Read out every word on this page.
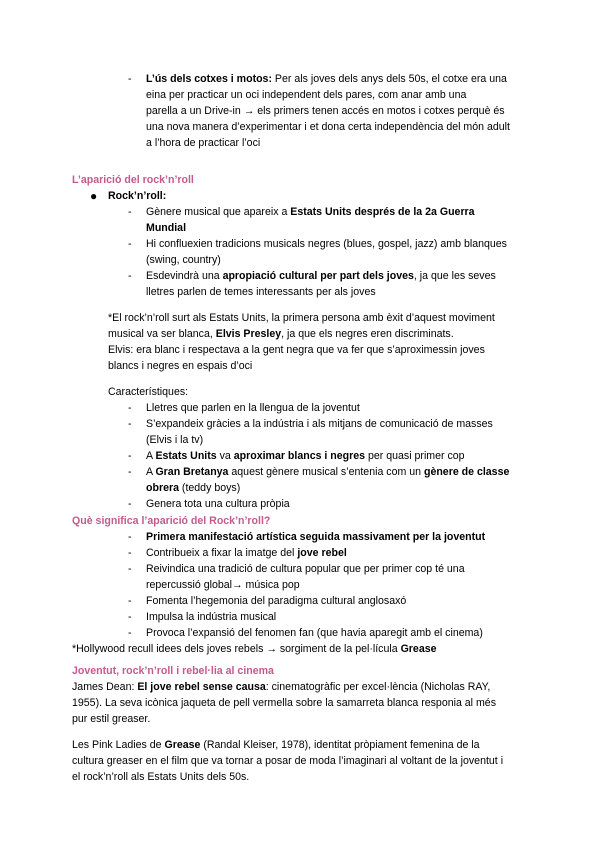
- L’ús dels cotxes i motos: Per als joves dels anys dels 50s, el cotxe era una
eina per practicar un oci independent dels pares, com anar amb una
parella a un Drive-in → els primers tenen accés en motos i cotxes perquè és
una nova manera d’experimentar i et dona certa independència del món adult
a l’hora de practicar l’oci
L’aparició del rock’n’roll
● Rock’n’roll:
- Gènere musical que apareix a Estats Units després de la 2a Guerra
Mundial
- Hi confluexien tradicions musicals negres (blues, gospel, jazz) amb blanques
(swing, country)
- Esdevindrà una apropiació cultural per part dels joves, ja que les seves
lletres parlen de temes interessants per als joves
*El rock’n’roll surt als Estats Units, la primera persona amb èxit d’aquest moviment
musical va ser blanca, Elvis Presley, ja que els negres eren discriminats.
Elvis: era blanc i respectava a la gent negra que va fer que s’aproximessin joves
blancs i negres en espais d’oci
Característiques:
- Lletres que parlen en la llengua de la joventut
- S’expandeix gràcies a la indústria i als mitjans de comunicació de masses
(Elvis i la tv)
- A Estats Units va aproximar blancs i negres per quasi primer cop
- A Gran Bretanya aquest gènere musical s’entenia com un gènere de classe
obrera (teddy boys)
- Genera tota una cultura pròpia
Què significa l’aparició del Rock’n’roll?
- Primera manifestació artística seguida massivament per la joventut
- Contribueix a fixar la imatge del jove rebel
- Reivindica una tradició de cultura popular que per primer cop té una
repercussió global→ música pop
- Fomenta l’hegemonia del paradigma cultural anglosaxó
- Impulsa la indústria musical
- Provoca l’expansió del fenomen fan (que havia aparegit amb el cinema)
*Hollywood recull idees dels joves rebels → sorgiment de la pel·lícula Grease
Joventut, rock’n’roll i rebel·lia al cinema
James Dean: El jove rebel sense causa: cinematogràfic per excel·lència (Nicholas RAY,
1955). La seva icònica jaqueta de pell vermella sobre la samarreta blanca responia al més
pur estil greaser.
Les Pink Ladies de Grease (Randal Kleiser, 1978), identitat pròpiament femenina de la
cultura greaser en el film que va tornar a posar de moda l’imaginari al voltant de la joventut i
el rock’n’roll als Estats Units dels 50s.
